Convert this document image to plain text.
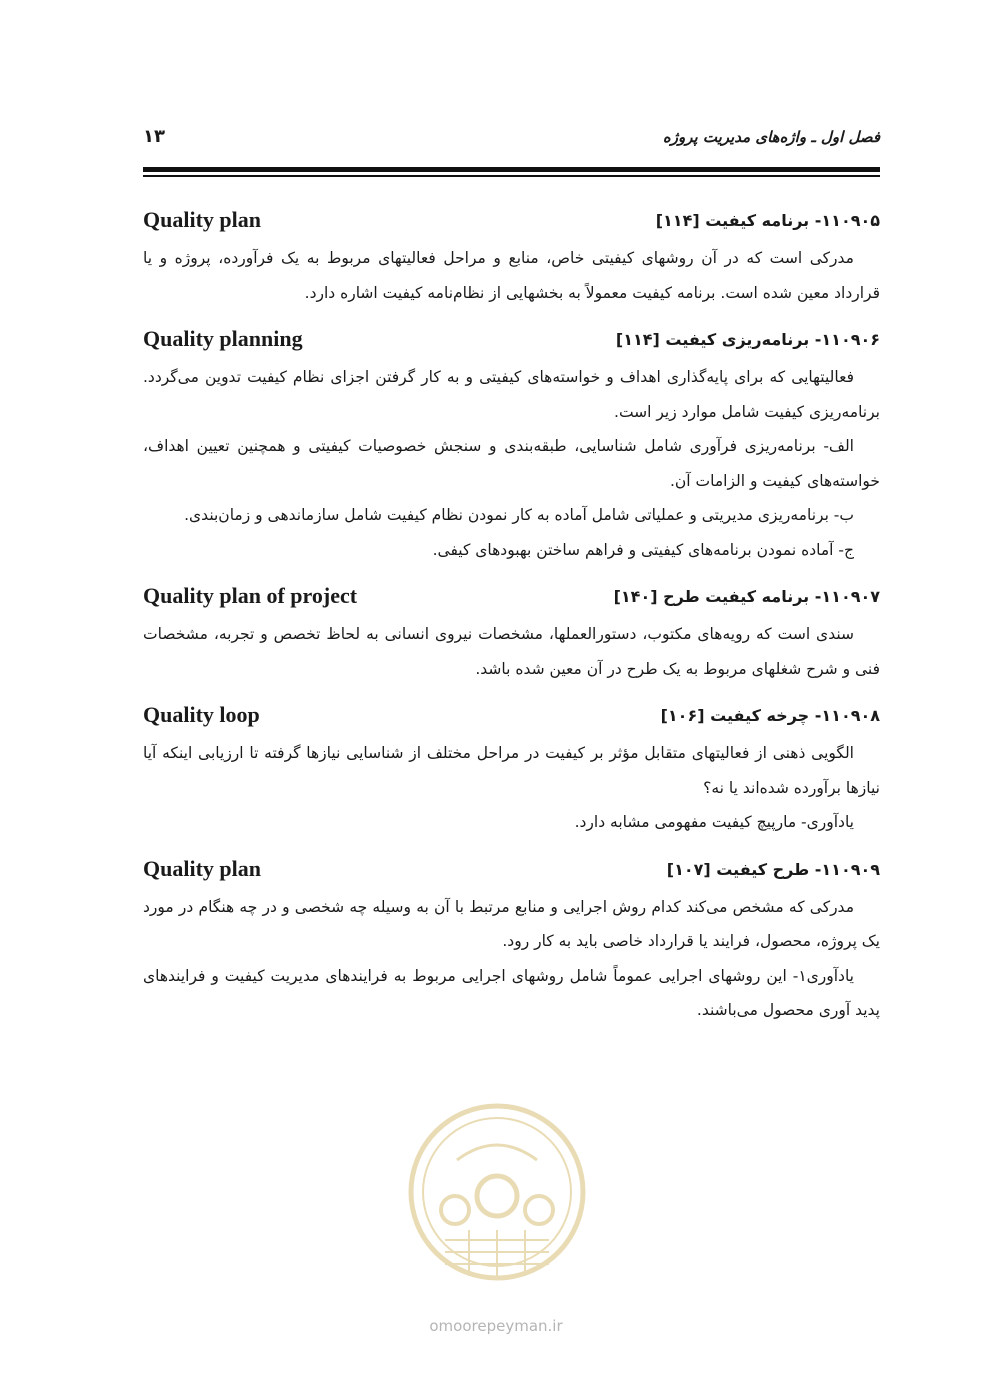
فصل اول ـ واژه‌های مدیریت پروژه
۱۳
۱۱۰۹۰۵- برنامه کیفیت [۱۱۴]
Quality plan

مدرکی است که در آن روشهای کیفیتی خاص، منابع و مراحل فعالیتهای مربوط به یک فرآورده، پروژه و یا قرارداد معین شده است. برنامه کیفیت معمولاً به بخشهایی از نظام‌نامه کیفیت اشاره دارد.

۱۱۰۹۰۶- برنامه‌ریزی کیفیت [۱۱۴]
Quality planning

فعالیتهایی که برای پایه‌گذاری اهداف و خواسته‌های کیفیتی و به کار گرفتن اجزای نظام کیفیت تدوین می‌گردد. برنامه‌ریزی کیفیت شامل موارد زیر است.

الف- برنامه‌ریزی فرآوری شامل شناسایی، طبقه‌بندی و سنجش خصوصیات کیفیتی و همچنین تعیین اهداف، خواسته‌های کیفیت و الزامات آن.

ب- برنامه‌ریزی مدیریتی و عملیاتی شامل آماده به کار نمودن نظام کیفیت شامل سازماندهی و زمان‌بندی.

ج- آماده نمودن برنامه‌های کیفیتی و فراهم ساختن بهبودهای کیفی.

۱۱۰۹۰۷- برنامه کیفیت طرح [۱۴۰]
Quality plan of project

سندی است که رویه‌های مکتوب، دستورالعملها، مشخصات نیروی انسانی به لحاظ تخصص و تجربه، مشخصات فنی و شرح شغلهای مربوط به یک طرح در آن معین شده باشد.

۱۱۰۹۰۸- چرخه کیفیت [۱۰۶]
Quality loop

الگویی ذهنی از فعالیتهای متقابل مؤثر بر کیفیت در مراحل مختلف از شناسایی نیازها گرفته تا ارزیابی اینکه آیا نیازها برآورده شده‌اند یا نه؟

یادآوری- مارپیچ کیفیت مفهومی مشابه دارد.

۱۱۰۹۰۹- طرح کیفیت [۱۰۷]
Quality plan

مدرکی که مشخص می‌کند کدام روش اجرایی و منابع مرتبط با آن به وسیله چه شخصی و در چه هنگام در مورد یک پروژه، محصول، فرایند یا قرارداد خاصی باید به کار رود.

یادآوری۱- این روشهای اجرایی عموماً شامل روشهای اجرایی مربوط به فرایندهای مدیریت کیفیت و فرایندهای پدید آوری محصول می‌باشند.

omoorepeyman.ir
